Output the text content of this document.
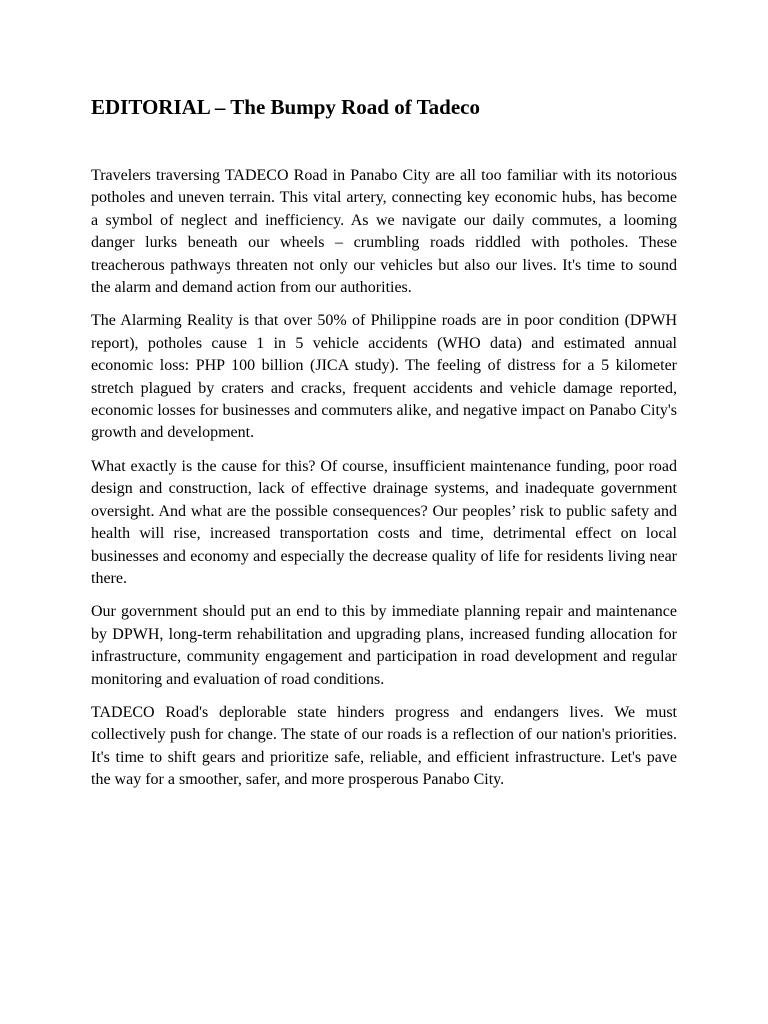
EDITORIAL – The Bumpy Road of Tadeco

Travelers traversing TADECO Road in Panabo City are all too familiar with its notorious potholes and uneven terrain. This vital artery, connecting key economic hubs, has become a symbol of neglect and inefficiency. As we navigate our daily commutes, a looming danger lurks beneath our wheels – crumbling roads riddled with potholes. These treacherous pathways threaten not only our vehicles but also our lives. It's time to sound the alarm and demand action from our authorities.

The Alarming Reality is that over 50% of Philippine roads are in poor condition (DPWH report), potholes cause 1 in 5 vehicle accidents (WHO data) and estimated annual economic loss: PHP 100 billion (JICA study). The feeling of distress for a 5 kilometer stretch plagued by craters and cracks, frequent accidents and vehicle damage reported, economic losses for businesses and commuters alike, and negative impact on Panabo City's growth and development.

What exactly is the cause for this? Of course, insufficient maintenance funding, poor road design and construction, lack of effective drainage systems, and inadequate government oversight. And what are the possible consequences? Our peoples’ risk to public safety and health will rise, increased transportation costs and time, detrimental effect on local businesses and economy and especially the decrease quality of life for residents living near there.

Our government should put an end to this by immediate planning repair and maintenance by DPWH, long-term rehabilitation and upgrading plans, increased funding allocation for infrastructure, community engagement and participation in road development and regular monitoring and evaluation of road conditions.

TADECO Road's deplorable state hinders progress and endangers lives. We must collectively push for change. The state of our roads is a reflection of our nation's priorities. It's time to shift gears and prioritize safe, reliable, and efficient infrastructure. Let's pave the way for a smoother, safer, and more prosperous Panabo City.
